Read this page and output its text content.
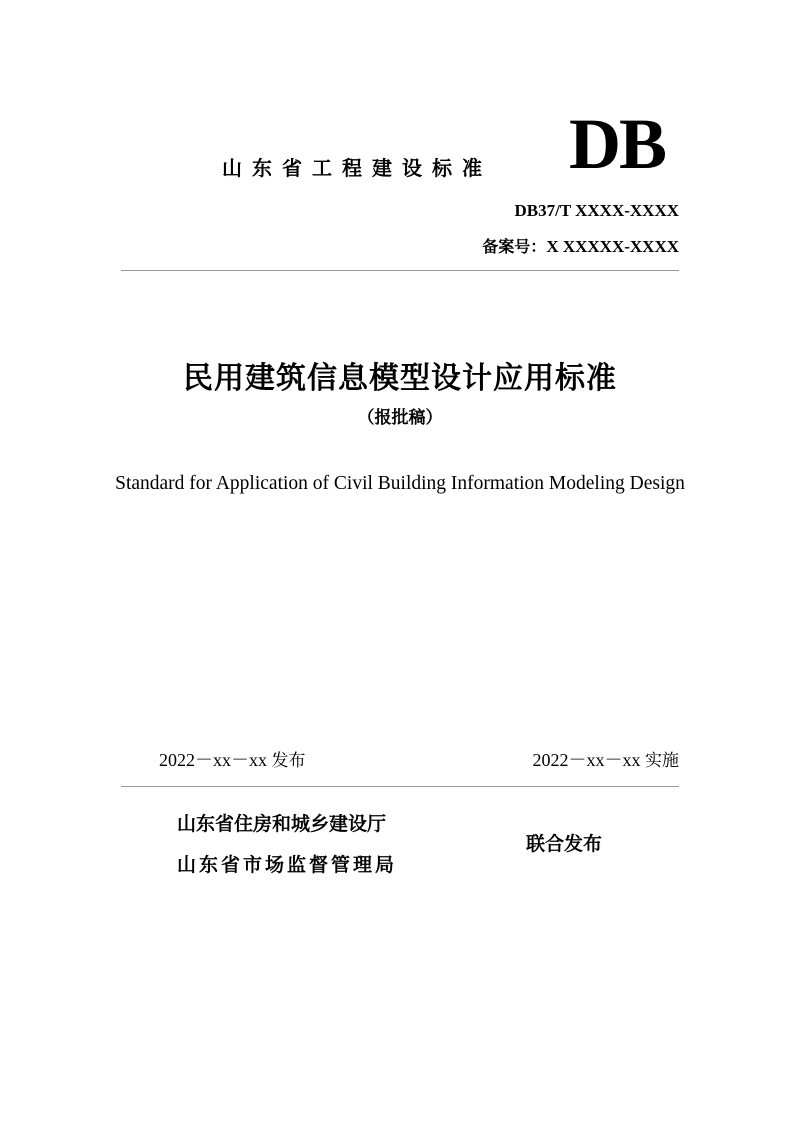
山东省工程建设标准 DB
DB37/T XXXX-XXXX
备案号：X XXXXX-XXXX
民用建筑信息模型设计应用标准
（报批稿）
Standard for Application of Civil Building Information Modeling Design
2022－xx－xx 发布	2022－xx－xx 实施
山东省住房和城乡建设厅
山东省市场监督管理局
联合发布
